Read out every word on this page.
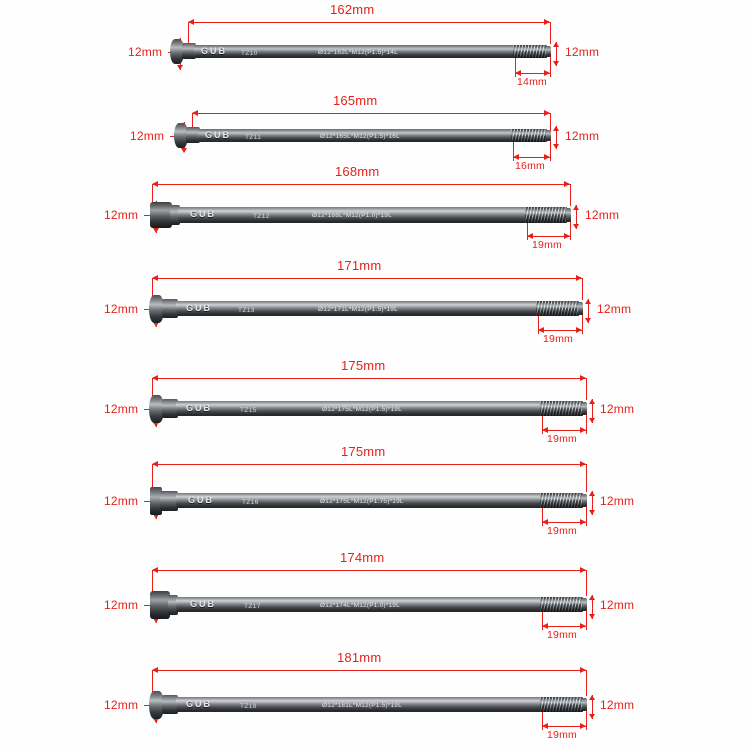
162mm
12mm	12mm
14mm
GUB TZ10	Ø12*162L*M12(P1.5)*14L
165mm
12mm	12mm
16mm
GUB TZ11	Ø12*165L*M12(P1.5)*16L
168mm
12mm	12mm
19mm
GUB	TZ12	Ø12*168L*M12(P1.0)*19L
171mm
12mm	12mm
19mm
GUB	TZ13	Ø12*171L*M12(P1.5)*19L
175mm
12mm	12mm
19mm
GUB	TZ15	Ø12*175L*M12(P1.5)*19L
175mm
12mm	12mm
19mm
GUB	TZ16	Ø12*175L*M12(P1.75)*19L
174mm
12mm	12mm
19mm
GUB	TZ17	Ø12*174L*M12(P1.0)*19L
181mm
12mm	12mm
19mm
GUB	TZ18	Ø12*181L*M12(P1.5)*19L
